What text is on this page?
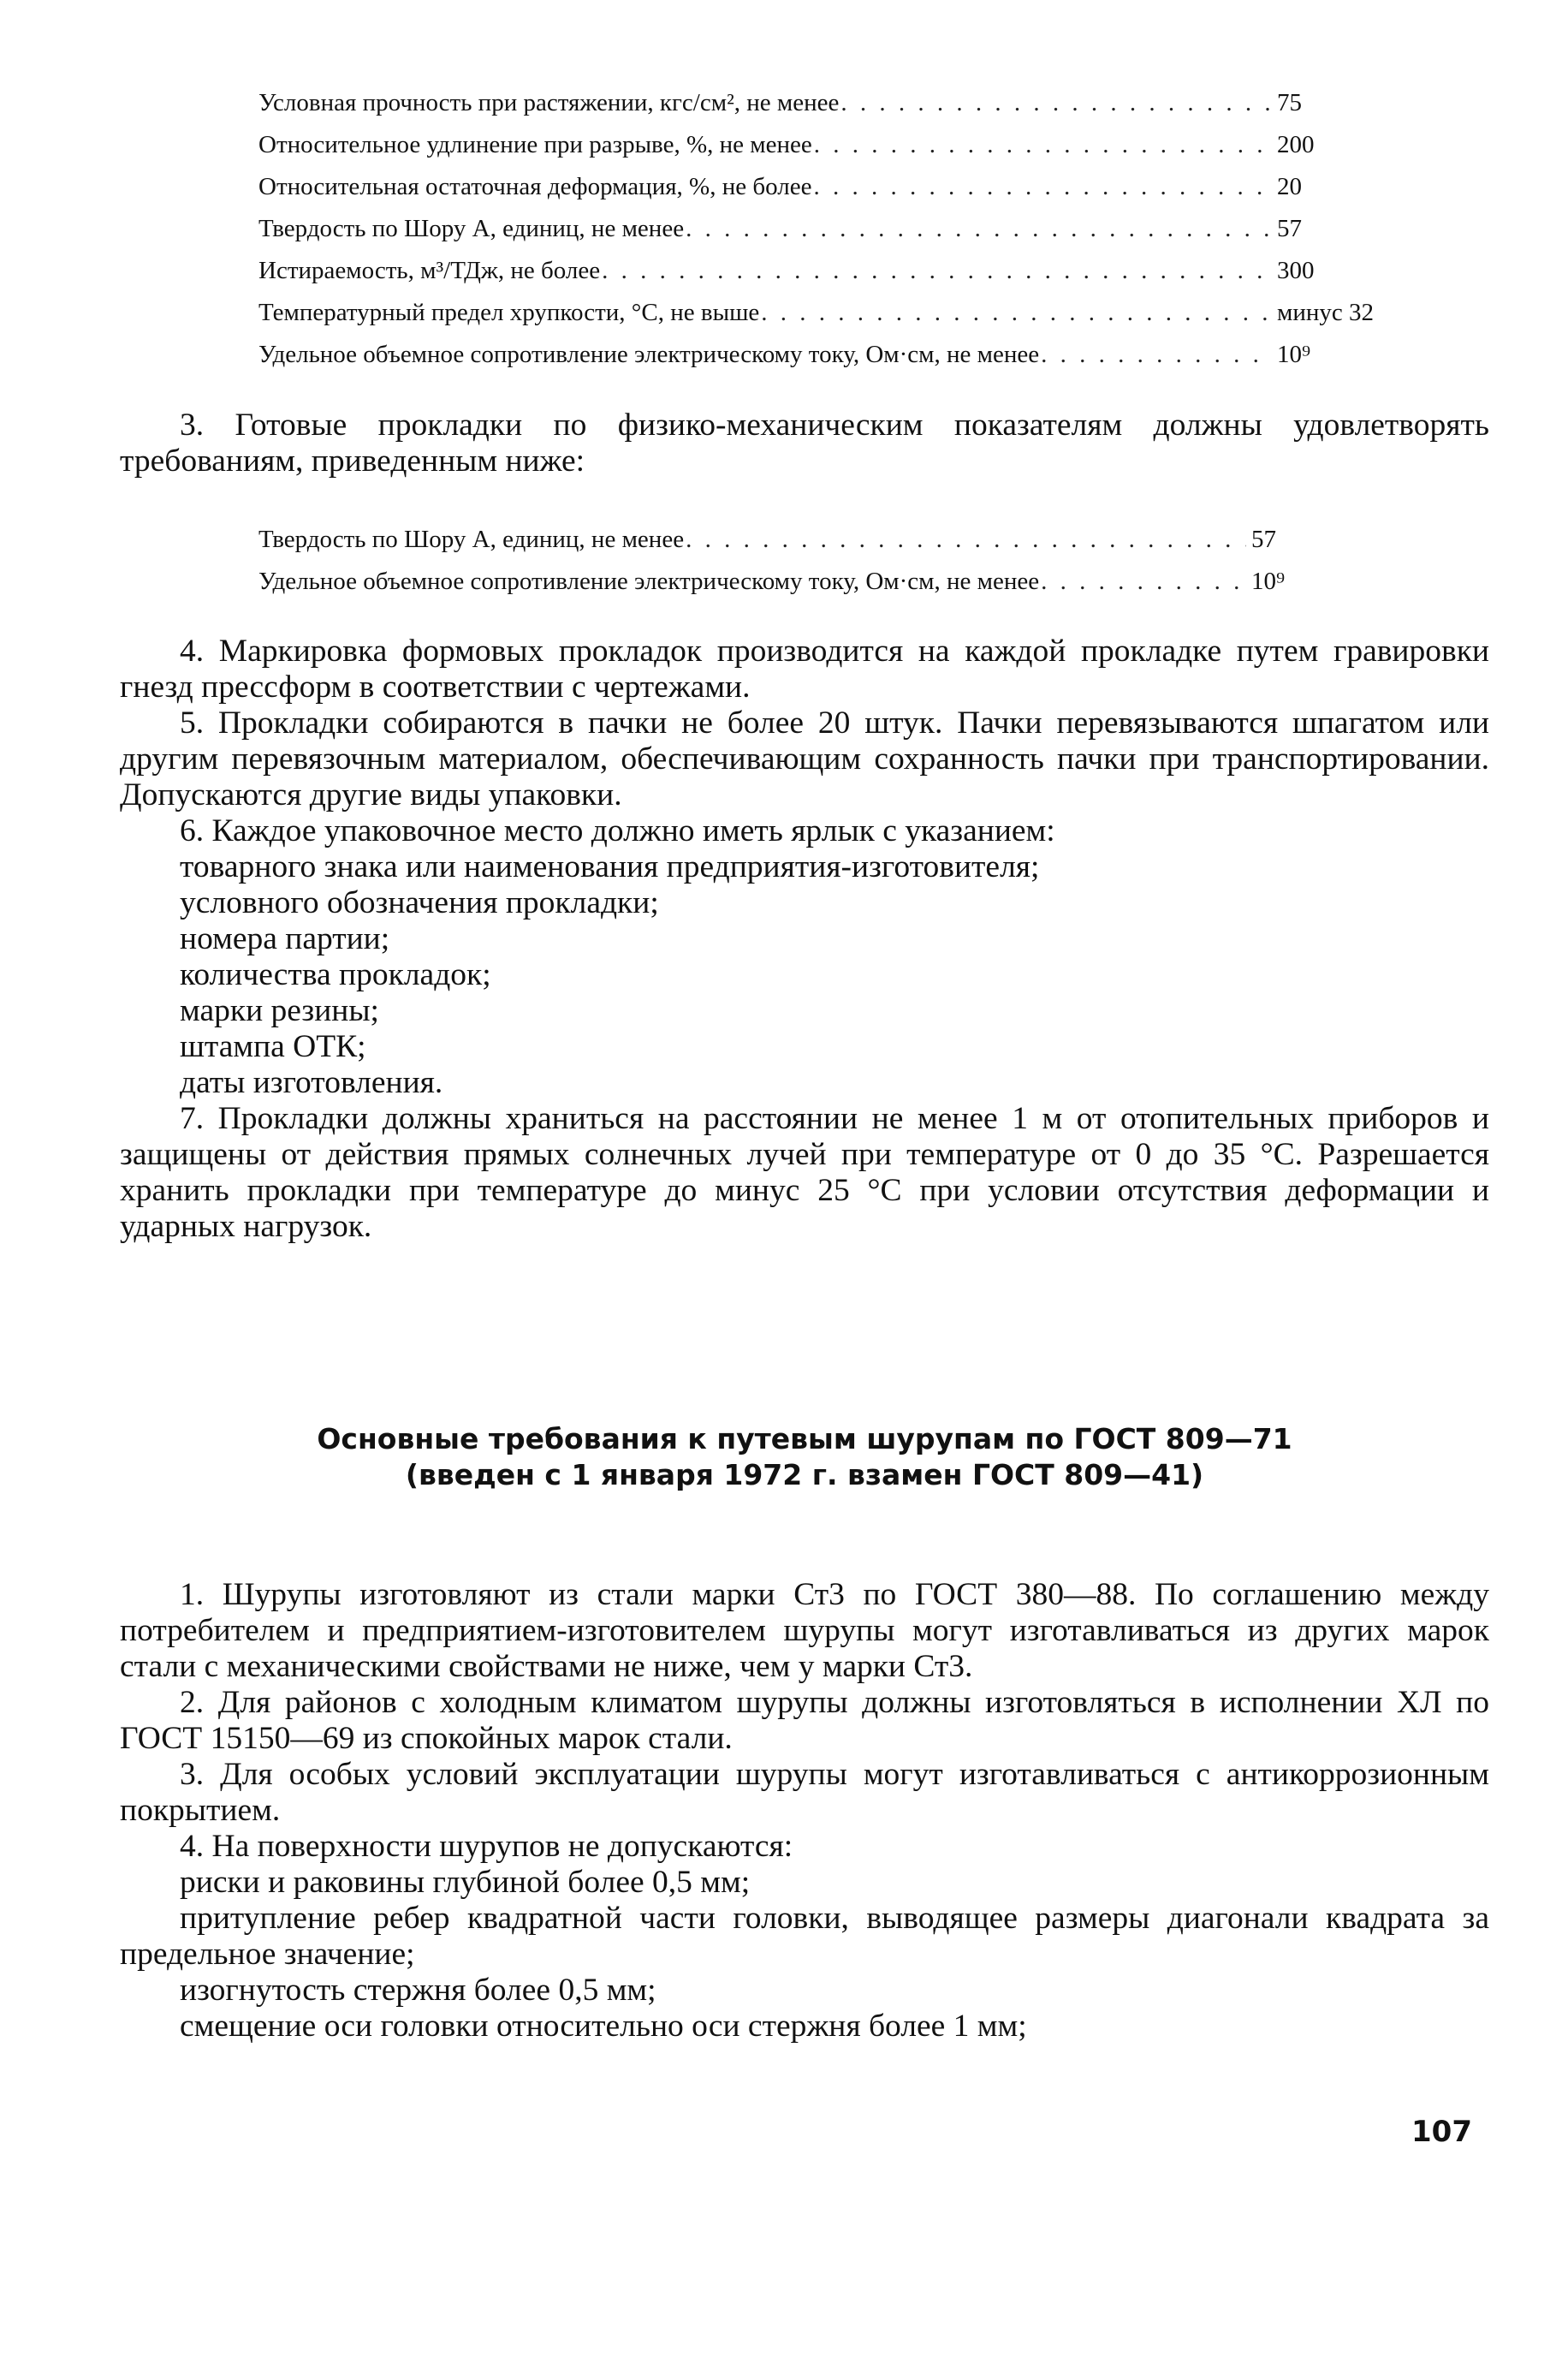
Условная прочность при растяжении, кгс/см², не менее . . .	75
Относительное удлинение при разрыве, %, не менее . . .	200
Относительная остаточная деформация, %, не более . . .	20
Твердость по Шору А, единиц, не менее . . .	57
Истираемость, м³/ТДж, не более . . .	300
Температурный предел хрупкости, °С, не выше . . .	минус 32
Удельное объемное сопротивление электрическому току, Ом·см, не менее . . .	10⁹

3. Готовые прокладки по физико-механическим показателям должны удовлетворять требованиям, приведенным ниже:

Твердость по Шору А, единиц, не менее . . .	57
Удельное объемное сопротивление электрическому току, Ом·см, не менее . . .	10⁹

4. Маркировка формовых прокладок производится на каждой прокладке путем гравировки гнезд прессформ в соответствии с чертежами.

5. Прокладки собираются в пачки не более 20 штук. Пачки перевязываются шпагатом или другим перевязочным материалом, обеспечивающим сохранность пачки при транспортировании. Допускаются другие виды упаковки.

6. Каждое упаковочное место должно иметь ярлык с указанием:

товарного знака или наименования предприятия-изготовителя;

условного обозначения прокладки;

номера партии;

количества прокладок;

марки резины;

штампа ОТК;

даты изготовления.

7. Прокладки должны храниться на расстоянии не менее 1 м от отопительных приборов и защищены от действия прямых солнечных лучей при температуре от 0 до 35 °С. Разрешается хранить прокладки при температуре до минус 25 °С при условии отсутствия деформации и ударных нагрузок.

Основные требования к путевым шурупам по ГОСТ 809—71
(введен с 1 января 1972 г. взамен ГОСТ 809—41)

1. Шурупы изготовляют из стали марки Ст3 по ГОСТ 380—88. По соглашению между потребителем и предприятием-изготовителем шурупы могут изготавливаться из других марок стали с механическими свойствами не ниже, чем у марки Ст3.

2. Для районов с холодным климатом шурупы должны изготовляться в исполнении ХЛ по ГОСТ 15150—69 из спокойных марок стали.

3. Для особых условий эксплуатации шурупы могут изготавливаться с антикоррозионным покрытием.

4. На поверхности шурупов не допускаются:

риски и раковины глубиной более 0,5 мм;

притупление ребер квадратной части головки, выводящее размеры диагонали квадрата за предельное значение;

изогнутость стержня более 0,5 мм;

смещение оси головки относительно оси стержня более 1 мм;

107
